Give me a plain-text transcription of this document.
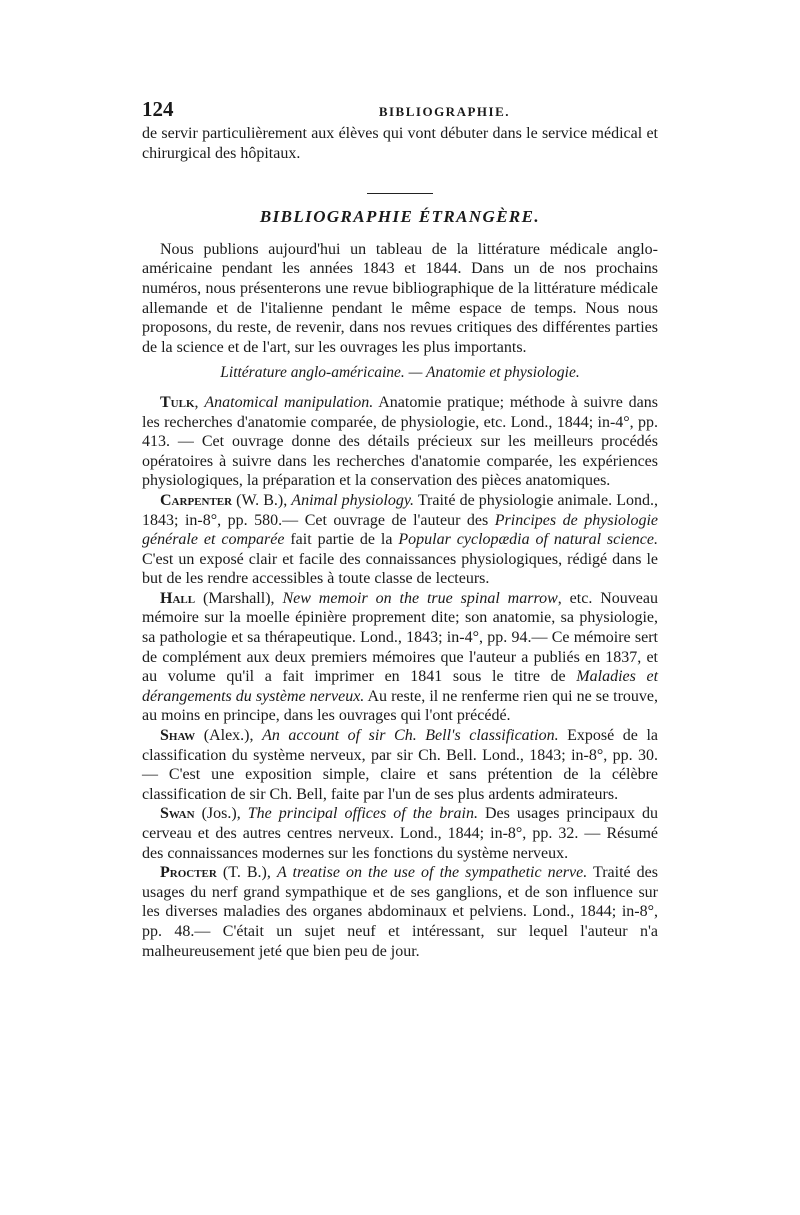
124	BIBLIOGRAPHIE.

de servir particulièrement aux élèves qui vont débuter dans le service médical et chirurgical des hôpitaux.

BIBLIOGRAPHIE ÉTRANGÈRE.

Nous publions aujourd'hui un tableau de la littérature médicale anglo-américaine pendant les années 1843 et 1844. Dans un de nos prochains numéros, nous présenterons une revue bibliographique de la littérature médicale allemande et de l'italienne pendant le même espace de temps. Nous nous proposons, du reste, de revenir, dans nos revues critiques des différentes parties de la science et de l'art, sur les ouvrages les plus importants.

Littérature anglo-américaine. — Anatomie et physiologie.

Tulk, Anatomical manipulation. Anatomie pratique; méthode à suivre dans les recherches d'anatomie comparée, de physiologie, etc. Lond., 1844; in-4°, pp. 413. — Cet ouvrage donne des détails précieux sur les meilleurs procédés opératoires à suivre dans les recherches d'anatomie comparée, les expériences physiologiques, la préparation et la conservation des pièces anatomiques.

Carpenter (W. B.), Animal physiology. Traité de physiologie animale. Lond., 1843; in-8°, pp. 580.— Cet ouvrage de l'auteur des Principes de physiologie générale et comparée fait partie de la Popular cyclopædia of natural science. C'est un exposé clair et facile des connaissances physiologiques, rédigé dans le but de les rendre accessibles à toute classe de lecteurs.

Hall (Marshall), New memoir on the true spinal marrow, etc. Nouveau mémoire sur la moelle épinière proprement dite; son anatomie, sa physiologie, sa pathologie et sa thérapeutique. Lond., 1843; in-4°, pp. 94.— Ce mémoire sert de complément aux deux premiers mémoires que l'auteur a publiés en 1837, et au volume qu'il a fait imprimer en 1841 sous le titre de Maladies et dérangements du système nerveux. Au reste, il ne renferme rien qui ne se trouve, au moins en principe, dans les ouvrages qui l'ont précédé.

Shaw (Alex.), An account of sir Ch. Bell's classification. Exposé de la classification du système nerveux, par sir Ch. Bell. Lond., 1843; in-8°, pp. 30. — C'est une exposition simple, claire et sans prétention de la célèbre classification de sir Ch. Bell, faite par l'un de ses plus ardents admirateurs.

Swan (Jos.), The principal offices of the brain. Des usages principaux du cerveau et des autres centres nerveux. Lond., 1844; in-8°, pp. 32. — Résumé des connaissances modernes sur les fonctions du système nerveux.

Procter (T. B.), A treatise on the use of the sympathetic nerve. Traité des usages du nerf grand sympathique et de ses ganglions, et de son influence sur les diverses maladies des organes abdominaux et pelviens. Lond., 1844; in-8°, pp. 48.— C'était un sujet neuf et intéressant, sur lequel l'auteur n'a malheureusement jeté que bien peu de jour.
